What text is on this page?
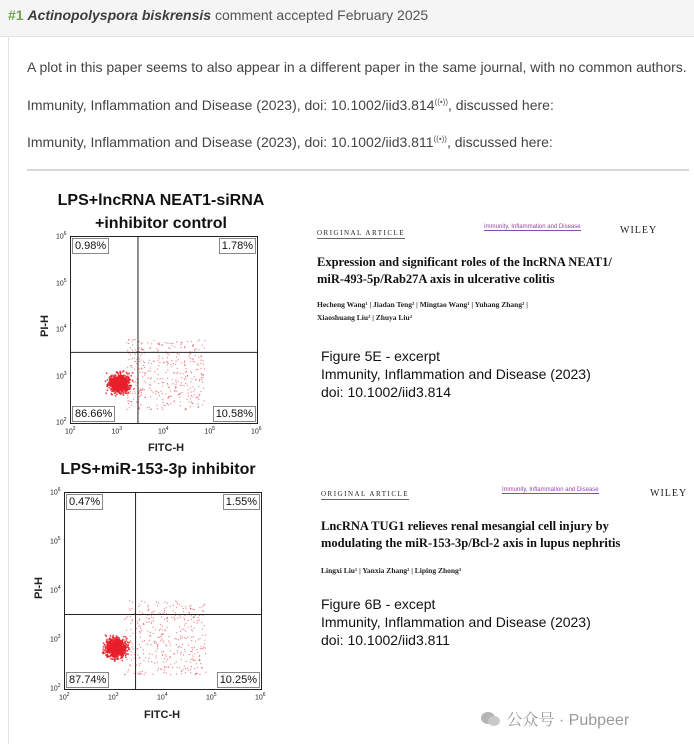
#1 Actinopolyspora biskrensis comment accepted February 2025
A plot in this paper seems to also appear in a different paper in the same journal, with no common authors.
Immunity, Inflammation and Disease (2023), doi: 10.1002/iid3.814((•)), discussed here:
Immunity, Inflammation and Disease (2023), doi: 10.1002/iid3.811((•)), discussed here:
LPS+lncRNA NEAT1-siRNA
+inhibitor control
0.98%	1.78%
86.66%	10.58%
PI-H
FITC-H
$10^2$
$10^6$
$10^3$
$10^5$
$10^4$
$10^4$
$10^5$
$10^3$
$10^6$
$10^2$
LPS+miR-153-3p inhibitor
0.47%	1.55%
87.74%	10.25%
PI-H
FITC-H
$10^2$
$10^6$
$10^3$
$10^5$
$10^4$
$10^4$
$10^5$
$10^3$
$10^6$
$10^2$
ORIGINAL ARTICLE
Immunity, Inflammation and Disease	WILEY
Expression and significant roles of the lncRNA NEAT1/ miR-493-5p/Rab27A axis in ulcerative colitis
Hecheng Wang¹ | Jiadan Teng² | Mingtao Wang¹ | Yuhang Zhang² |
Xiaoshuang Liu² | Zhuya Liu²
Figure 5E - excerpt
Immunity, Inflammation and Disease (2023)
doi: 10.1002/iid3.814
ORIGINAL ARTICLE	Immunity, Inflammation and Disease	WILEY
LncRNA TUG1 relieves renal mesangial cell injury by modulating the miR-153-3p/Bcl-2 axis in lupus nephritis
Lingxi Liu¹ | Yanxia Zhang² | Liping Zhong³
Figure 6B - except
Immunity, Inflammation and Disease (2023)
doi: 10.1002/iid3.811
公众号 · Pubpeer
